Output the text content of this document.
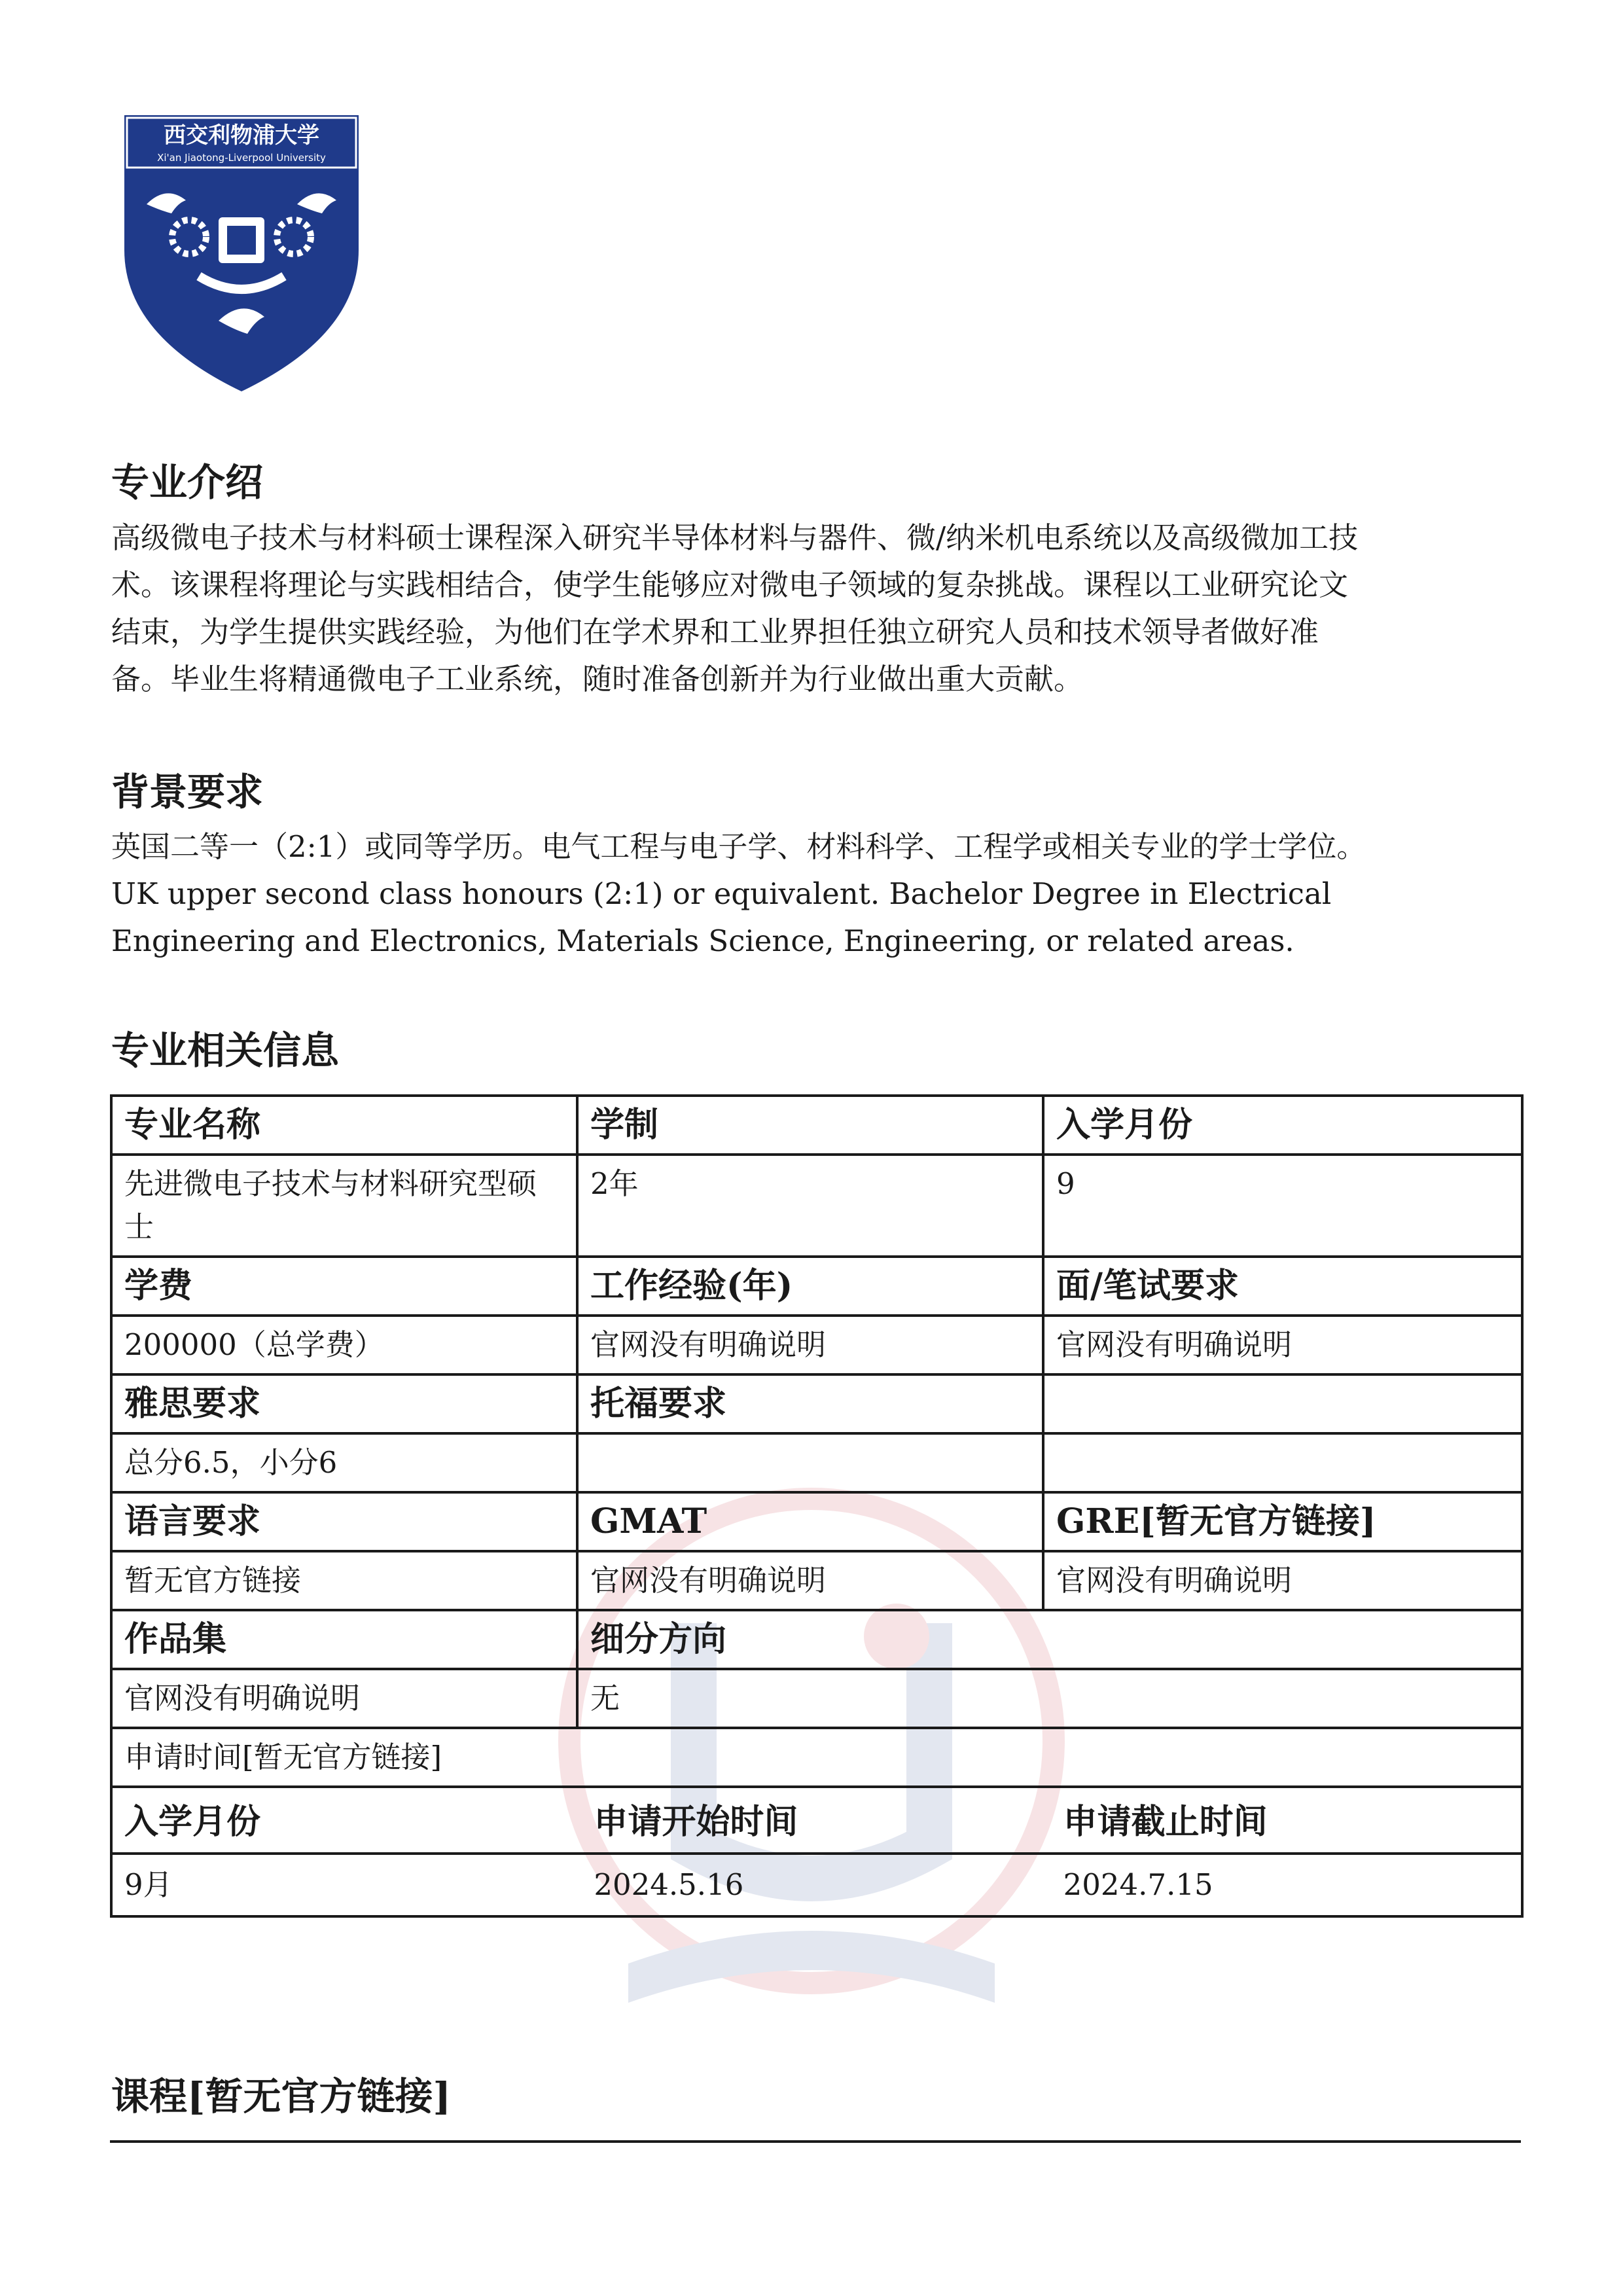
西交利物浦大学
Xi'an Jiaotong-Liverpool University
专业介绍
高级微电子技术与材料硕士课程深入研究半导体材料与器件、微/纳米机电系统以及高级微加工技
术。该课程将理论与实践相结合，使学生能够应对微电子领域的复杂挑战。课程以工业研究论文
结束，为学生提供实践经验，为他们在学术界和工业界担任独立研究人员和技术领导者做好准
备。毕业生将精通微电子工业系统，随时准备创新并为行业做出重大贡献。
背景要求
英国二等一（2:1）或同等学历。电气工程与电子学、材料科学、工程学或相关专业的学士学位。
UK upper second class honours (2:1) or equivalent. Bachelor Degree in Electrical
Engineering and Electronics, Materials Science, Engineering, or related areas.
专业相关信息
专业名称	学制	入学月份
先进微电子技术与材料研究型硕士	2年	9
学费	工作经验(年)	面/笔试要求
200000（总学费）	官网没有明确说明	官网没有明确说明
雅思要求	托福要求	
总分6.5，小分6		
语言要求	GMAT	GRE[暂无官方链接]
暂无官方链接	官网没有明确说明	官网没有明确说明
作品集	细分方向
官网没有明确说明	无
申请时间[暂无官方链接]

入学月份	申请开始时间	申请截止时间
9月	2024.5.16	2024.7.15
课程[暂无官方链接]
